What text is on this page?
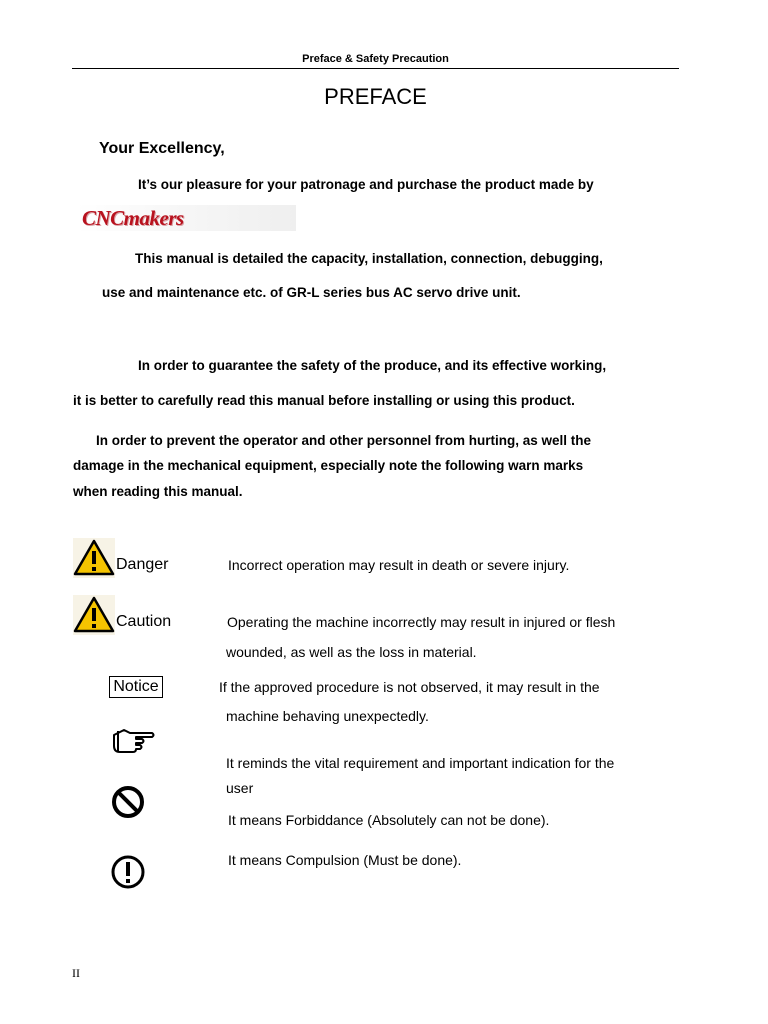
Preface & Safety Precaution
PREFACE
Your Excellency,
It’s our pleasure for your patronage and purchase the product made by
CNCmakers
This manual is detailed the capacity, installation, connection, debugging,
use and maintenance etc. of GR-L series bus AC servo drive unit.
In order to guarantee the safety of the produce, and its effective working,
it is better to carefully read this manual before installing or using this product.
In order to prevent the operator and other personnel from hurting, as well the
damage in the mechanical equipment, especially note the following warn marks
when reading this manual.
Danger	Incorrect operation may result in death or severe injury.
Caution	Operating the machine incorrectly may result in injured or flesh
wounded, as well as the loss in material.
Notice	If the approved procedure is not observed, it may result in the
machine behaving unexpectedly.
It reminds the vital requirement and important indication for the
user
It means Forbiddance (Absolutely can not be done).
It means Compulsion (Must be done).
II
